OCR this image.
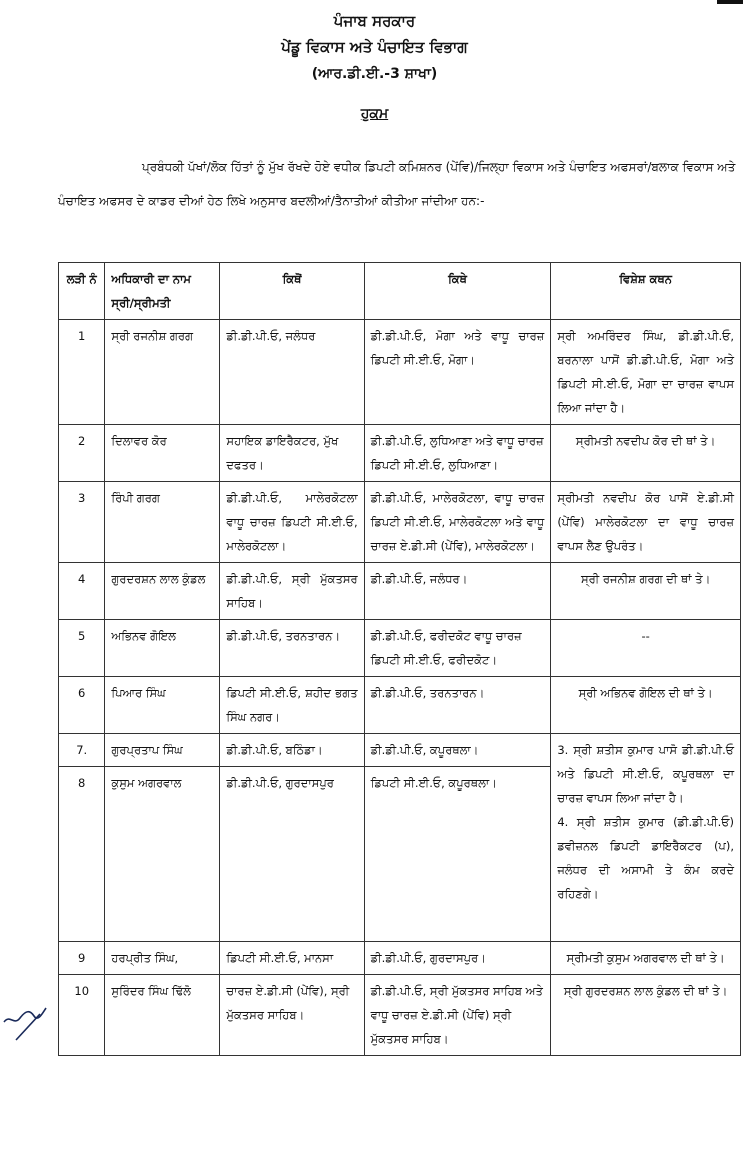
ਪੰਜਾਬ ਸਰਕਾਰ
ਪੇਂਡੂ ਵਿਕਾਸ ਅਤੇ ਪੰਚਾਇਤ ਵਿਭਾਗ
(ਆਰ.ਡੀ.ਈ.-3 ਸ਼ਾਖਾ)
ਹੁਕਮ
ਪ੍ਰਬੰਧਕੀ ਪੱਖਾਂ/ਲੋਕ ਹਿੱਤਾਂ ਨੂੰ ਮੁੱਖ ਰੱਖਦੇ ਹੋਏ ਵਧੀਕ ਡਿਪਟੀ ਕਮਿਸ਼ਨਰ (ਪੇਂਵਿ)/ਜਿਲ੍ਹਾ ਵਿਕਾਸ ਅਤੇ ਪੰਚਾਇਤ ਅਫਸਰਾਂ/ਬਲਾਕ ਵਿਕਾਸ ਅਤੇ ਪੰਚਾਇਤ ਅਫਸਰ ਦੇ ਕਾਡਰ ਦੀਆਂ ਹੇਠ ਲਿਖੇ ਅਨੁਸਾਰ ਬਦਲੀਆਂ/ਤੈਨਾਤੀਆਂ ਕੀਤੀਆ ਜਾਂਦੀਆ ਹਨ:-
ਲੜੀ ਨੰ	ਅਧਿਕਾਰੀ ਦਾ ਨਾਮ ਸ੍ਰੀ/ਸ੍ਰੀਮਤੀ	ਕਿਥੋਂ	ਕਿਥੇ	ਵਿਸ਼ੇਸ਼ ਕਥਨ
1	ਸ੍ਰੀ ਰਜਨੀਸ਼ ਗਰਗ	ਡੀ.ਡੀ.ਪੀ.ਓ, ਜਲੰਧਰ	ਡੀ.ਡੀ.ਪੀ.ਓ, ਮੋਗਾ ਅਤੇ ਵਾਧੂ ਚਾਰਜ਼ ਡਿਪਟੀ ਸੀ.ਈ.ਓ, ਮੋਗਾ।	ਸ੍ਰੀ ਅਮਰਿੰਦਰ ਸਿੰਘ, ਡੀ.ਡੀ.ਪੀ.ਓ, ਬਰਨਾਲਾ ਪਾਸੋਂ ਡੀ.ਡੀ.ਪੀ.ਓ, ਮੋਗਾ ਅਤੇ ਡਿਪਟੀ ਸੀ.ਈ.ਓ, ਮੋਗਾ ਦਾ ਚਾਰਜ਼ ਵਾਪਸ ਲਿਆ ਜਾਂਦਾ ਹੈ।
2	ਦਿਲਾਵਰ ਕੋਰ	ਸਹਾਇਕ ਡਾਇਰੈਕਟਰ, ਮੁੱਖ ਦਫਤਰ।	ਡੀ.ਡੀ.ਪੀ.ਓ, ਲੁਧਿਆਣਾ ਅਤੇ ਵਾਧੂ ਚਾਰਜ਼ ਡਿਪਟੀ ਸੀ.ਈ.ਓ, ਲੁਧਿਆਣਾ।	ਸ੍ਰੀਮਤੀ ਨਵਦੀਪ ਕੋਰ ਦੀ ਥਾਂ ਤੇ।
3	ਰਿੰਪੀ ਗਰਗ	ਡੀ.ਡੀ.ਪੀ.ਓ, ਮਾਲੇਰਕੋਟਲਾ ਵਾਧੂ ਚਾਰਜ਼ ਡਿਪਟੀ ਸੀ.ਈ.ਓ, ਮਾਲੇਰਕੋਟਲਾ।	ਡੀ.ਡੀ.ਪੀ.ਓ, ਮਾਲੇਰਕੋਟਲਾ, ਵਾਧੂ ਚਾਰਜ਼ ਡਿਪਟੀ ਸੀ.ਈ.ਓ, ਮਾਲੇਰਕੋਟਲਾ ਅਤੇ ਵਾਧੂ ਚਾਰਜ਼ ਏ.ਡੀ.ਸੀ (ਪੇਂਵਿ), ਮਾਲੇਰਕੋਟਲਾ।	ਸ੍ਰੀਮਤੀ ਨਵਦੀਪ ਕੋਰ ਪਾਸੋਂ ਏ.ਡੀ.ਸੀ (ਪੇਂਵਿ) ਮਾਲੇਰਕੋਟਲਾ ਦਾ ਵਾਧੂ ਚਾਰਜ਼ ਵਾਪਸ ਲੈਣ ਉਪਰੰਤ।
4	ਗੁਰਦਰਸ਼ਨ ਲਾਲ ਕੁੰਡਲ	ਡੀ.ਡੀ.ਪੀ.ਓ, ਸ੍ਰੀ ਮੁੱਕਤਸਰ ਸਾਹਿਬ।	ਡੀ.ਡੀ.ਪੀ.ਓ, ਜਲੰਧਰ।	ਸ੍ਰੀ ਰਜਨੀਸ਼ ਗਰਗ ਦੀ ਥਾਂ ਤੇ।
5	ਅਭਿਨਵ ਗੋਇਲ	ਡੀ.ਡੀ.ਪੀ.ਓ, ਤਰਨਤਾਰਨ।	ਡੀ.ਡੀ.ਪੀ.ਓ, ਫਰੀਦਕੋਟ ਵਾਧੂ ਚਾਰਜ਼ ਡਿਪਟੀ ਸੀ.ਈ.ਓ, ਫਰੀਦਕੋਟ।	--
6	ਪਿਆਰ ਸਿੰਘ	ਡਿਪਟੀ ਸੀ.ਈ.ਓ, ਸ਼ਹੀਦ ਭਗਤ ਸਿੰਘ ਨਗਰ।	ਡੀ.ਡੀ.ਪੀ.ਓ, ਤਰਨਤਾਰਨ।	ਸ੍ਰੀ ਅਭਿਨਵ ਗੋਇਲ ਦੀ ਥਾਂ ਤੇ।
7.	ਗੁਰਪ੍ਰਤਾਪ ਸਿੰਘ	ਡੀ.ਡੀ.ਪੀ.ਓ, ਬਠਿੰਡਾ।	ਡੀ.ਡੀ.ਪੀ.ਓ, ਕਪੂਰਥਲਾ।	3. ਸ੍ਰੀ ਸ਼ਤੀਸ ਕੁਮਾਰ ਪਾਸੋ ਡੀ.ਡੀ.ਪੀ.ਓ ਅਤੇ ਡਿਪਟੀ ਸੀ.ਈ.ਓ, ਕਪੂਰਥਲਾ ਦਾ ਚਾਰਜ਼ ਵਾਪਸ ਲਿਆ ਜਾਂਦਾ ਹੈ।
4. ਸ੍ਰੀ ਸ਼ਤੀਸ ਕੁਮਾਰ (ਡੀ.ਡੀ.ਪੀ.ਓ) ਡਵੀਜ਼ਨਲ ਡਿਪਟੀ ਡਾਇਰੈਕਟਰ (ਪ), ਜਲੰਧਰ ਦੀ ਅਸਾਮੀ ਤੇ ਕੰਮ ਕਰਦੇ ਰਹਿਣਗੇ।

8	ਕੁਸੁਮ ਅਗਰਵਾਲ	ਡੀ.ਡੀ.ਪੀ.ਓ, ਗੁਰਦਾਸਪੁਰ	ਡਿਪਟੀ ਸੀ.ਈ.ਓ, ਕਪੂਰਥਲਾ।	
9	ਹਰਪ੍ਰੀਤ ਸਿੰਘ,	ਡਿਪਟੀ ਸੀ.ਈ.ਓ, ਮਾਨਸਾ	ਡੀ.ਡੀ.ਪੀ.ਓ, ਗੁਰਦਾਸਪੁਰ।	ਸ੍ਰੀਮਤੀ ਕੁਸੁਮ ਅਗਰਵਾਲ ਦੀ ਥਾਂ ਤੇ।
10	ਸੁਰਿੰਦਰ ਸਿੰਘ ਢਿੱਲੋ	ਚਾਰਜ਼ ਏ.ਡੀ.ਸੀ (ਪੇਂਵਿ), ਸ੍ਰੀ ਮੁੱਕਤਸਰ ਸਾਹਿਬ।	ਡੀ.ਡੀ.ਪੀ.ਓ, ਸ੍ਰੀ ਮੁੱਕਤਸਰ ਸਾਹਿਬ ਅਤੇ ਵਾਧੂ ਚਾਰਜ਼ ਏ.ਡੀ.ਸੀ (ਪੇਂਵਿ) ਸ੍ਰੀ ਮੁੱਕਤਸਰ ਸਾਹਿਬ।	ਸ੍ਰੀ ਗੁਰਦਰਸ਼ਨ ਲਾਲ ਕੁੰਡਲ ਦੀ ਥਾਂ ਤੇ।
